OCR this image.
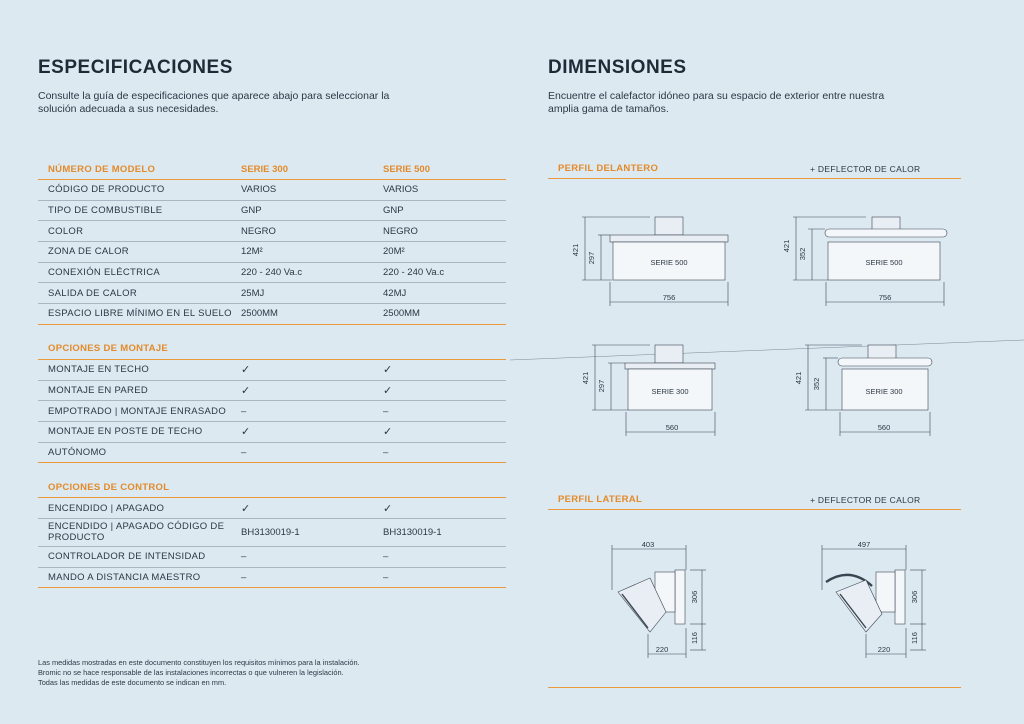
ESPECIFICACIONES
Consulte la guía de especificaciones que aparece abajo para seleccionar la solución adecuada a sus necesidades.
DIMENSIONES
Encuentre el calefactor idóneo para su espacio de exterior entre nuestra amplia gama de tamaños.
NÚMERO DE MODELO	SERIE 300	SERIE 500
CÓDIGO DE PRODUCTO	VARIOS	VARIOS
TIPO DE COMBUSTIBLE	GNP	GNP
COLOR	NEGRO	NEGRO
ZONA DE CALOR	12M²	20M²
CONEXIÓN ELÉCTRICA	220 - 240 Va.c	220 - 240 Va.c
SALIDA DE CALOR	25MJ	42MJ
ESPACIO LIBRE MÍNIMO EN EL SUELO 2500MM	2500MM
OPCIONES DE MONTAJE
MONTAJE EN TECHO	✓	✓
MONTAJE EN PARED	✓	✓
EMPOTRADO | MONTAJE ENRASADO	–	–
MONTAJE EN POSTE DE TECHO	✓	✓
AUTÓNOMO	–	–
OPCIONES DE CONTROL
ENCENDIDO | APAGADO	✓	✓
ENCENDIDO | APAGADO CÓDIGO DE PRODUCTO	BH3130019-1	BH3130019-1
CONTROLADOR DE INTENSIDAD	–	–
MANDO A DISTANCIA MAESTRO	–	–
Las medidas mostradas en este documento constituyen los requisitos mínimos para la instalación.
Bromic no se hace responsable de las instalaciones incorrectas o que vulneren la legislación.
Todas las medidas de este documento se indican en mm.
PERFIL DELANTERO	+ DEFLECTOR DE CALOR
PERFIL LATERAL	+ DEFLECTOR DE CALOR
SERIE 500
421
297
756
SERIE 500
421
352
756
SERIE 300
421
297
560
SERIE 300
421 352
560
403
306
116
220
497
306
116
220
